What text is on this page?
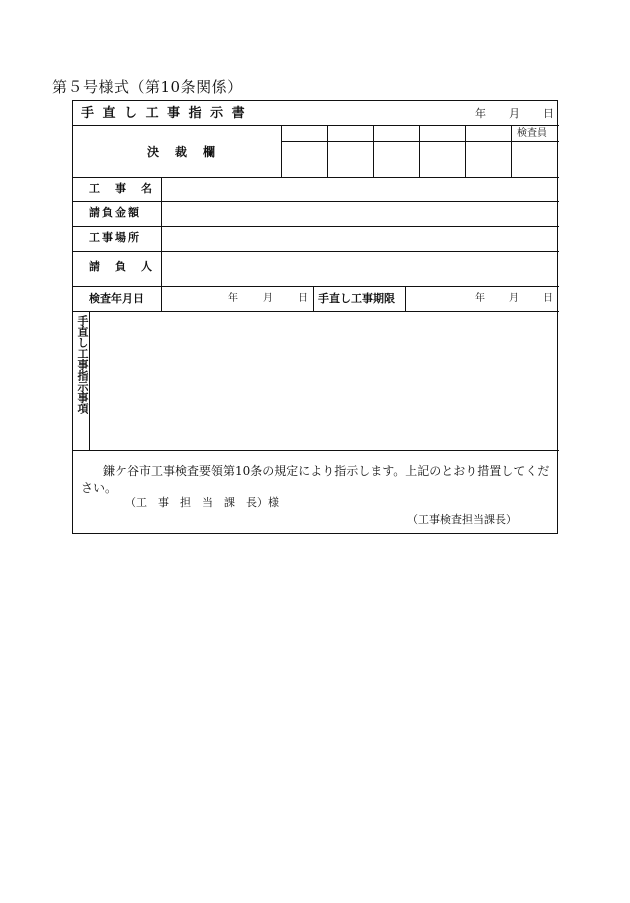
第５号様式（第10条関係）
手 直 し 工 事 指 示 書	年 月 日
決　裁　欄
検査員
工　事　名
請負金額
工事場所
請　負　人
検査年月日	年	月	日 手直し工事期限	年 月 日
手直し工事指示事項
鎌ケ谷市工事検査要領第10条の規定により指示します。上記のとおり措置してください。
（工　事　担　当　課　長）様
（工事検査担当課長）
